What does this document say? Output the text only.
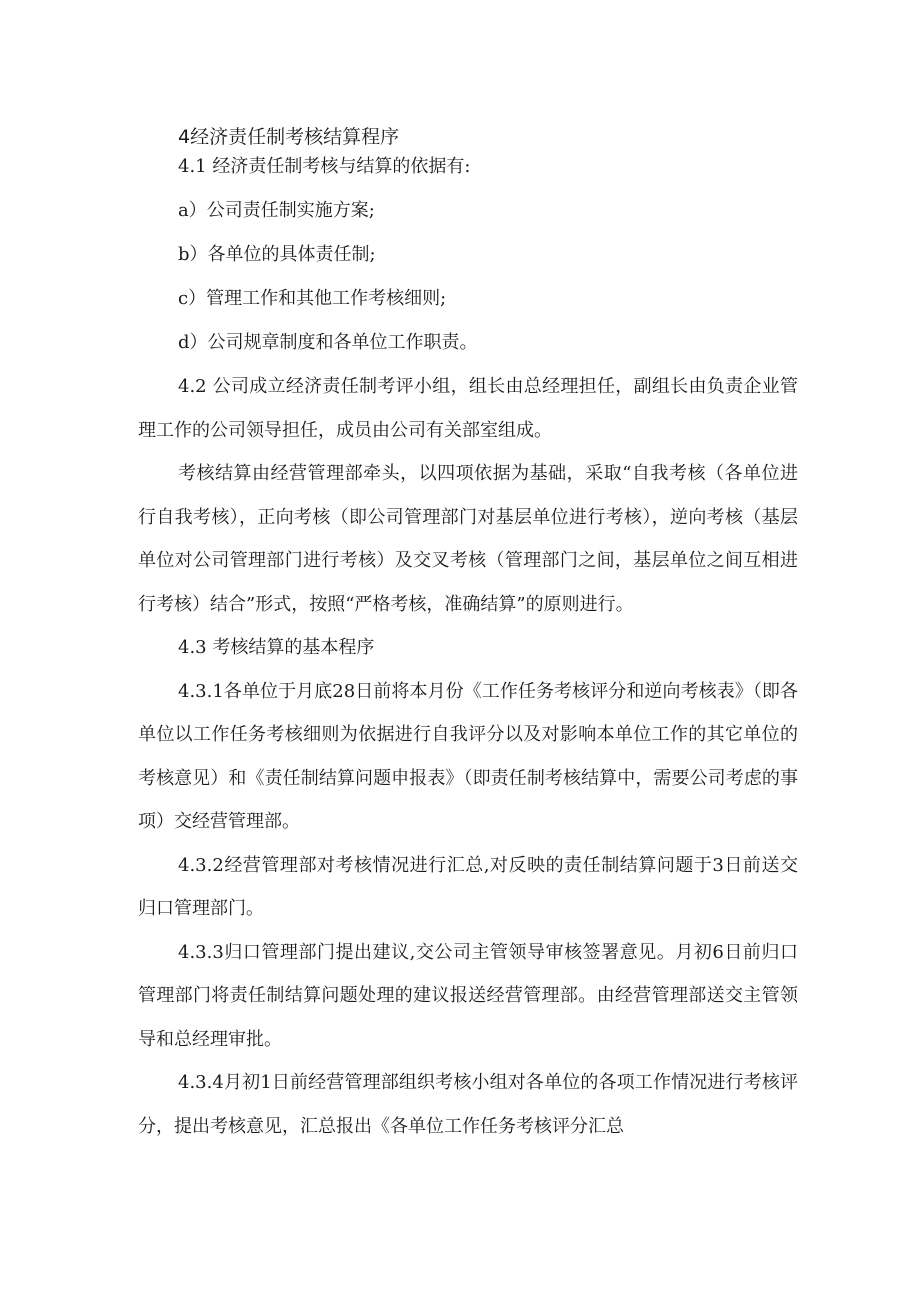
4经济责任制考核结算程序

4.1 经济责任制考核与结算的依据有:

a）公司责任制实施方案;

b）各单位的具体责任制;

c）管理工作和其他工作考核细则;

d）公司规章制度和各单位工作职责。

4.2 公司成立经济责任制考评小组，组长由总经理担任，副组长由负责企业管理工作的公司领导担任，成员由公司有关部室组成。

考核结算由经营管理部牵头，以四项依据为基础，采取“自我考核（各单位进行自我考核），正向考核（即公司管理部门对基层单位进行考核），逆向考核（基层单位对公司管理部门进行考核）及交叉考核（管理部门之间，基层单位之间互相进行考核）结合”形式，按照“严格考核，准确结算”的原则进行。

4.3 考核结算的基本程序

4.3.1各单位于月底28日前将本月份《工作任务考核评分和逆向考核表》（即各单位以工作任务考核细则为依据进行自我评分以及对影响本单位工作的其它单位的考核意见）和《责任制结算问题申报表》（即责任制考核结算中，需要公司考虑的事项）交经营管理部。

4.3.2经营管理部对考核情况进行汇总,对反映的责任制结算问题于3日前送交归口管理部门。

4.3.3归口管理部门提出建议,交公司主管领导审核签署意见。月初6日前归口管理部门将责任制结算问题处理的建议报送经营管理部。由经营管理部送交主管领导和总经理审批。

4.3.4月初1日前经营管理部组织考核小组对各单位的各项工作情况进行考核评分，提出考核意见，汇总报出《各单位工作任务考核评分汇总
